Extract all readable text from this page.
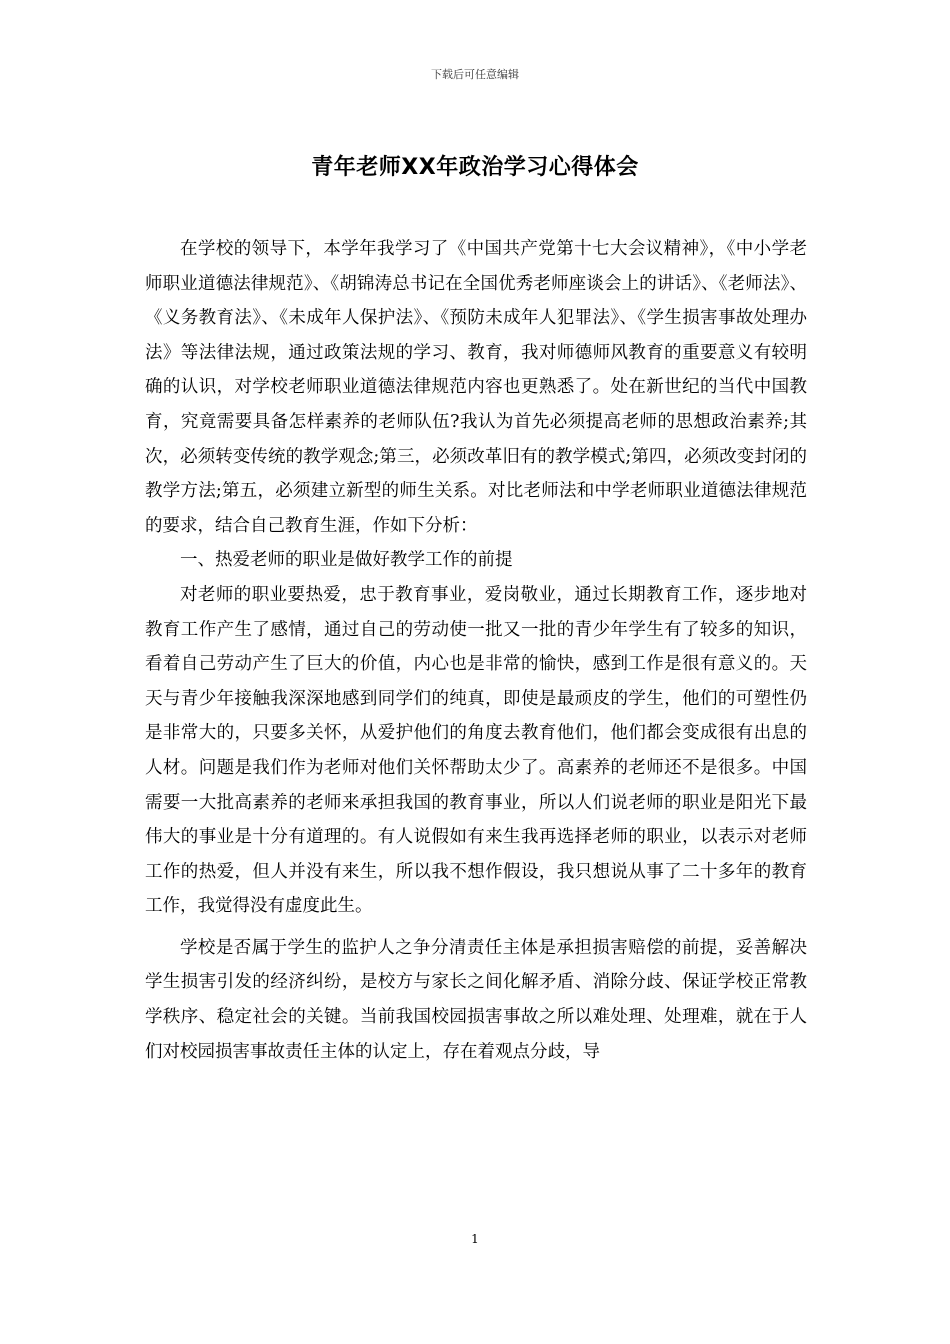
下载后可任意编辑
青年老师XX年政治学习心得体会

在学校的领导下，本学年我学习了《中国共产党第十七大会议精神》，《中小学老师职业道德法律规范》、《胡锦涛总书记在全国优秀老师座谈会上的讲话》、《老师法》、《义务教育法》、《未成年人保护法》、《预防未成年人犯罪法》、《学生损害事故处理办法》等法律法规，通过政策法规的学习、教育，我对师德师风教育的重要意义有较明确的认识，对学校老师职业道德法律规范内容也更熟悉了。处在新世纪的当代中国教育，究竟需要具备怎样素养的老师队伍?我认为首先必须提高老师的思想政治素养;其次，必须转变传统的教学观念;第三，必须改革旧有的教学模式;第四，必须改变封闭的教学方法;第五，必须建立新型的师生关系。对比老师法和中学老师职业道德法律规范的要求，结合自己教育生涯，作如下分析：

一、热爱老师的职业是做好教学工作的前提

对老师的职业要热爱，忠于教育事业，爱岗敬业，通过长期教育工作，逐步地对教育工作产生了感情，通过自己的劳动使一批又一批的青少年学生有了较多的知识，看着自己劳动产生了巨大的价值，内心也是非常的愉快，感到工作是很有意义的。天天与青少年接触我深深地感到同学们的纯真，即使是最顽皮的学生，他们的可塑性仍是非常大的，只要多关怀，从爱护他们的角度去教育他们，他们都会变成很有出息的人材。问题是我们作为老师对他们关怀帮助太少了。高素养的老师还不是很多。中国需要一大批高素养的老师来承担我国的教育事业，所以人们说老师的职业是阳光下最伟大的事业是十分有道理的。有人说假如有来生我再选择老师的职业，以表示对老师工作的热爱，但人并没有来生，所以我不想作假设，我只想说从事了二十多年的教育工作，我觉得没有虚度此生。

学校是否属于学生的监护人之争分清责任主体是承担损害赔偿的前提，妥善解决学生损害引发的经济纠纷，是校方与家长之间化解矛盾、消除分歧、保证学校正常教学秩序、稳定社会的关键。当前我国校园损害事故之所以难处理、处理难，就在于人们对校园损害事故责任主体的认定上，存在着观点分歧，导

1
